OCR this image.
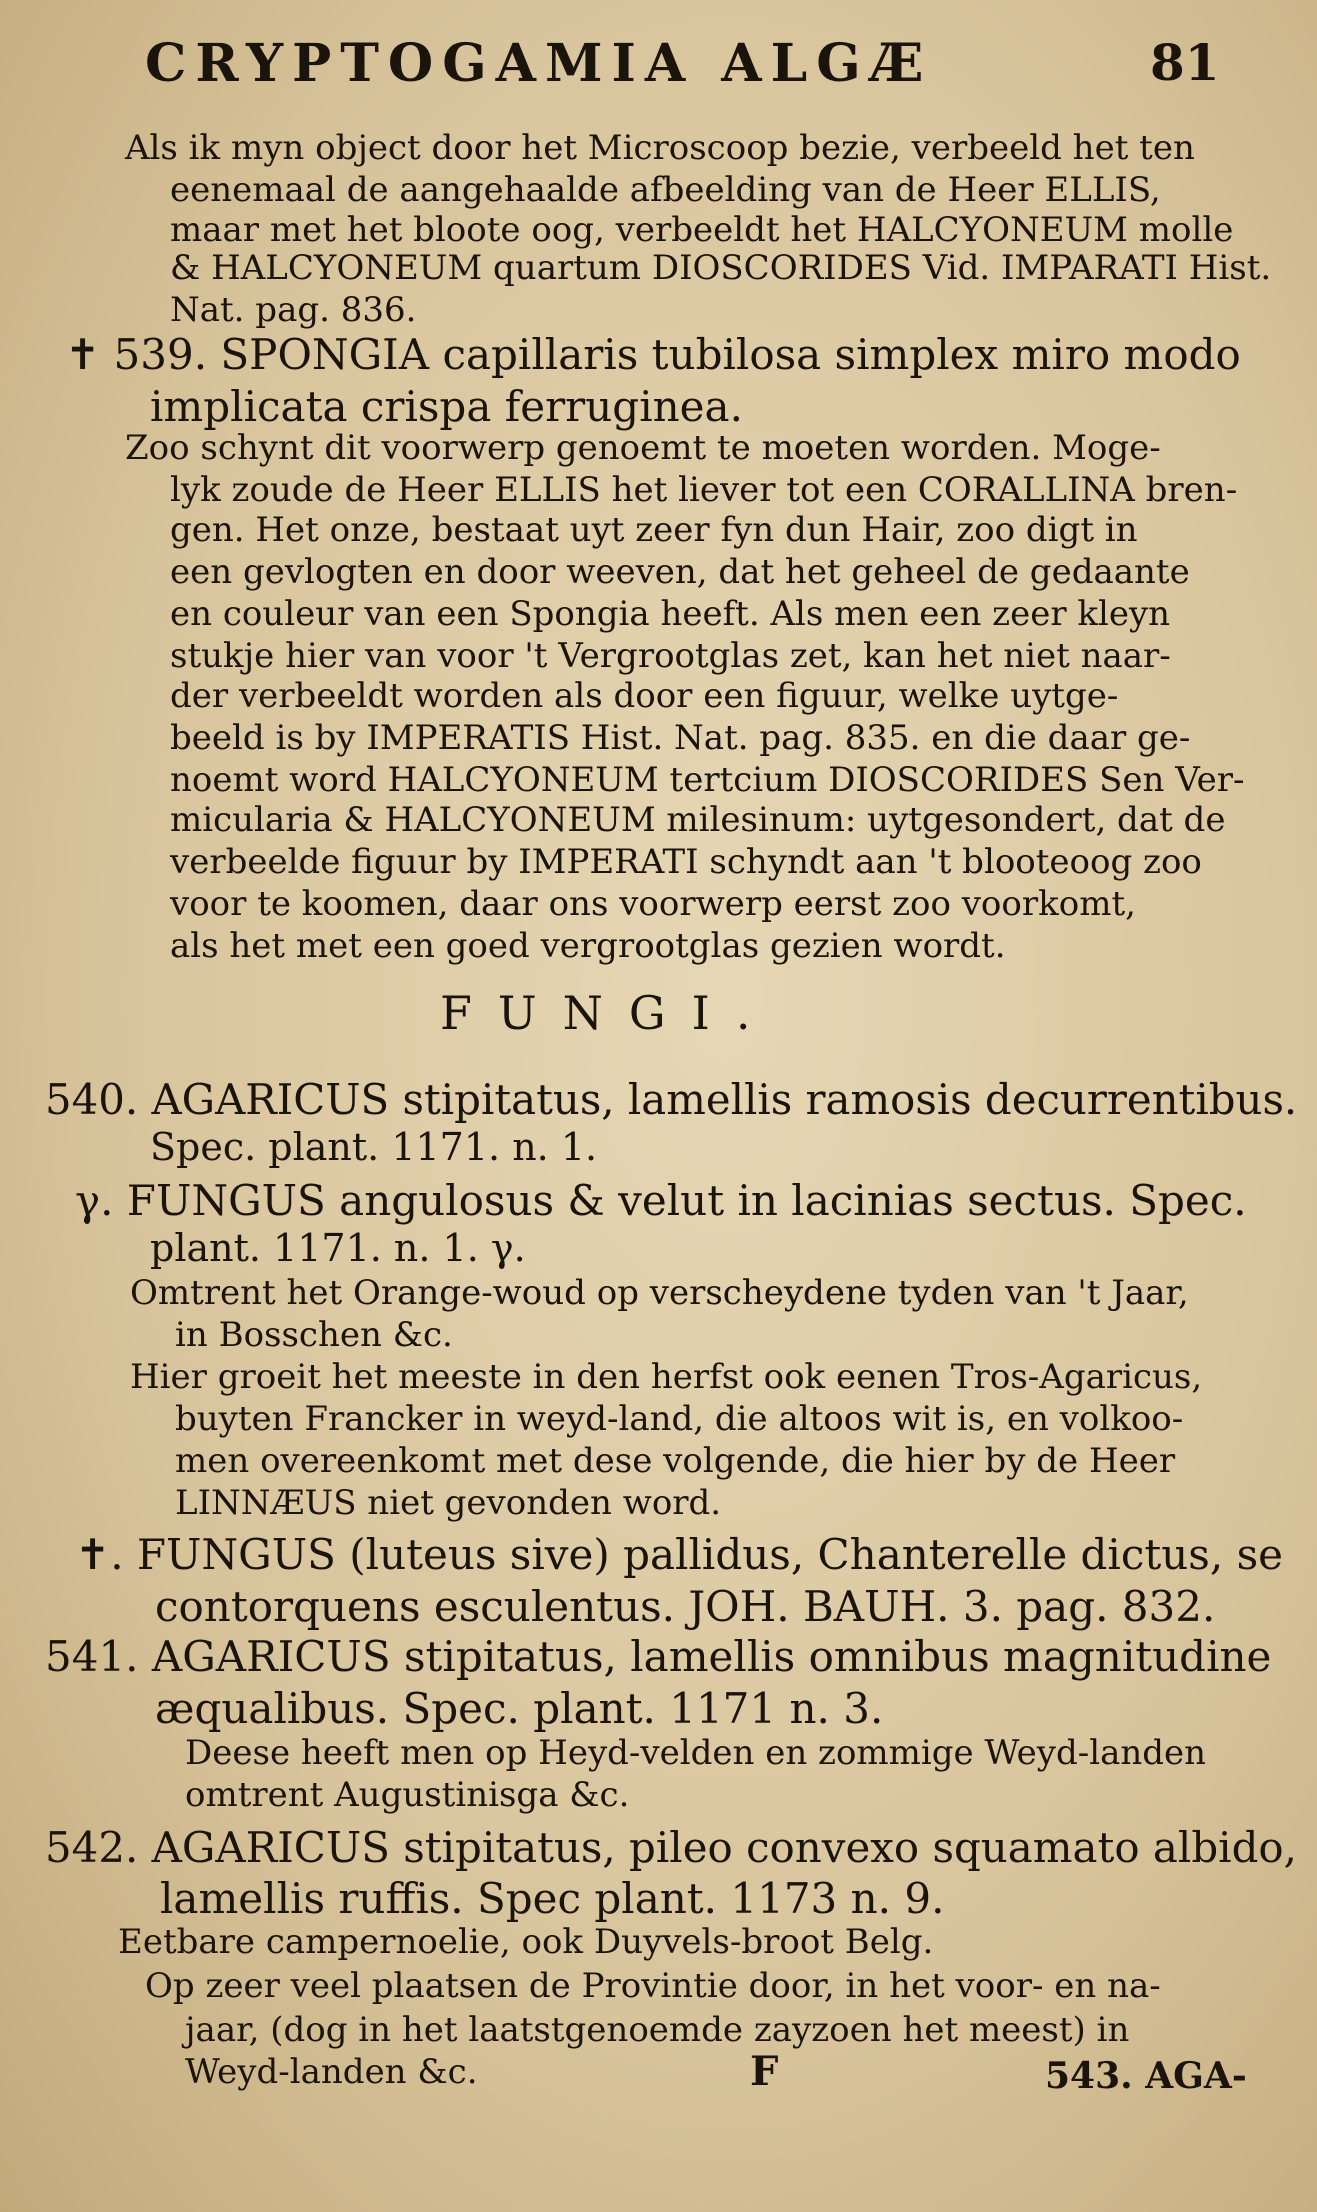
CRYPTOGAMIA ALGÆ	81
Als ik myn object door het Microscoop bezie, verbeeld het ten
eenemaal de aangehaalde afbeelding van de Heer ELLIS,
maar met het bloote oog, verbeeldt het HALCYONEUM molle
& HALCYONEUM quartum DIOSCORIDES Vid. IMPARATI Hist.
Nat. pag. 836.
✝ 539. SPONGIA capillaris tubilosa simplex miro modo
implicata crispa ferruginea.
Zoo schynt dit voorwerp genoemt te moeten worden. Moge-
lyk zoude de Heer ELLIS het liever tot een CORALLINA bren-
gen. Het onze, bestaat uyt zeer fyn dun Hair, zoo digt in
een gevlogten en door weeven, dat het geheel de gedaante
en couleur van een Spongia heeft. Als men een zeer kleyn
stukje hier van voor 't Vergrootglas zet, kan het niet naar-
der verbeeldt worden als door een figuur, welke uytge-
beeld is by IMPERATIS Hist. Nat. pag. 835. en die daar ge-
noemt word HALCYONEUM tertcium DIOSCORIDES Sen Ver-
micularia & HALCYONEUM milesinum: uytgesondert, dat de
verbeelde figuur by IMPERATI schyndt aan 't blooteoog zoo
voor te koomen, daar ons voorwerp eerst zoo voorkomt,
als het met een goed vergrootglas gezien wordt.
FUNGI.
540. AGARICUS stipitatus, lamellis ramosis decurrentibus.
Spec. plant. 1171. n. 1.
γ. FUNGUS angulosus & velut in lacinias sectus. Spec.
plant. 1171. n. 1. γ.
Omtrent het Orange-woud op verscheydene tyden van 't Jaar,
in Bosschen &c.
Hier groeit het meeste in den herfst ook eenen Tros-Agaricus,
buyten Francker in weyd-land, die altoos wit is, en volkoo-
men overeenkomt met dese volgende, die hier by de Heer
LINNÆUS niet gevonden word.
✝. FUNGUS (luteus sive) pallidus, Chanterelle dictus, se
contorquens esculentus. JOH. BAUH. 3. pag. 832.
541. AGARICUS stipitatus, lamellis omnibus magnitudine
æqualibus. Spec. plant. 1171 n. 3.
Deese heeft men op Heyd-velden en zommige Weyd-landen
omtrent Augustinisga &c.
542. AGARICUS stipitatus, pileo convexo squamato albido,
lamellis ruffis. Spec plant. 1173 n. 9.
Eetbare campernoelie, ook Duyvels-broot Belg.
Op zeer veel plaatsen de Provintie door, in het voor- en na-
jaar, (dog in het laatstgenoemde zayzoen het meest) in
Weyd-landen &c.	F	543. AGA-
